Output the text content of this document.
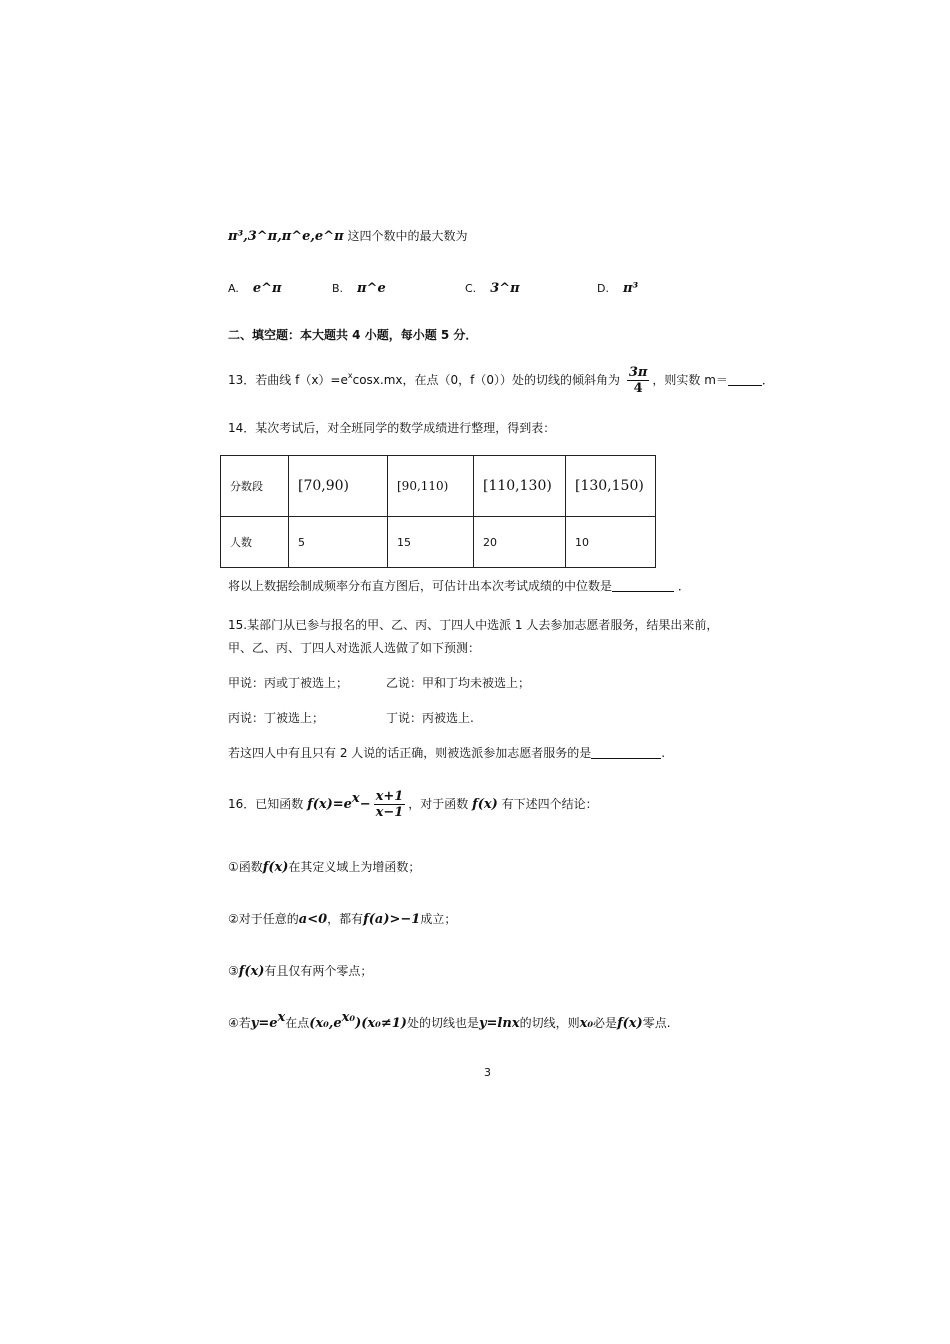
π³,3^π,π^e,e^π 这四个数中的最大数为
A. e^π	B. π^e	C. 3^π	D. π³
二、填空题：本大题共 4 小题，每小题 5 分．
13．若曲线 $f(x)=e^x\cos x.mx$，在点（0，f（0））处的切线的倾斜角为 $\frac{3\pi}{4}$ ，则实数 m＝	．
14．某次考试后，对全班同学的数学成绩进行整理，得到表：
分数段	[70,90)	[90,110)	[110,130)	[130,150)
人数	5	15	20	10
将以上数据绘制成频率分布直方图后，可估计出本次考试成绩的中位数是	．
15.某部门从已参与报名的甲、乙、丙、丁四人中选派 1 人去参加志愿者服务，结果出来前，
甲、乙、丙、丁四人对选派人选做了如下预测：
甲说：丙或丁被选上；	乙说：甲和丁均未被选上；
丙说：丁被选上；	丁说：丙被选上.
若这四人中有且只有 2 人说的话正确，则被选派参加志愿者服务的是	.
16．已知函数 $f(x)=e^x- \frac{x+1}{x-1}$ ，对于函数 f(x) 有下述四个结论：
①函数f(x)在其定义域上为增函数；
②对于任意的a<0，都有f(a)>−1成立；
③f(x)有且仅有两个零点；
④若$y=e^x$在点$(x_0,e^{x_0})(x_0\ne 1)$处的切线也是y=lnx的切线，则x₀必是f(x)零点.
3
